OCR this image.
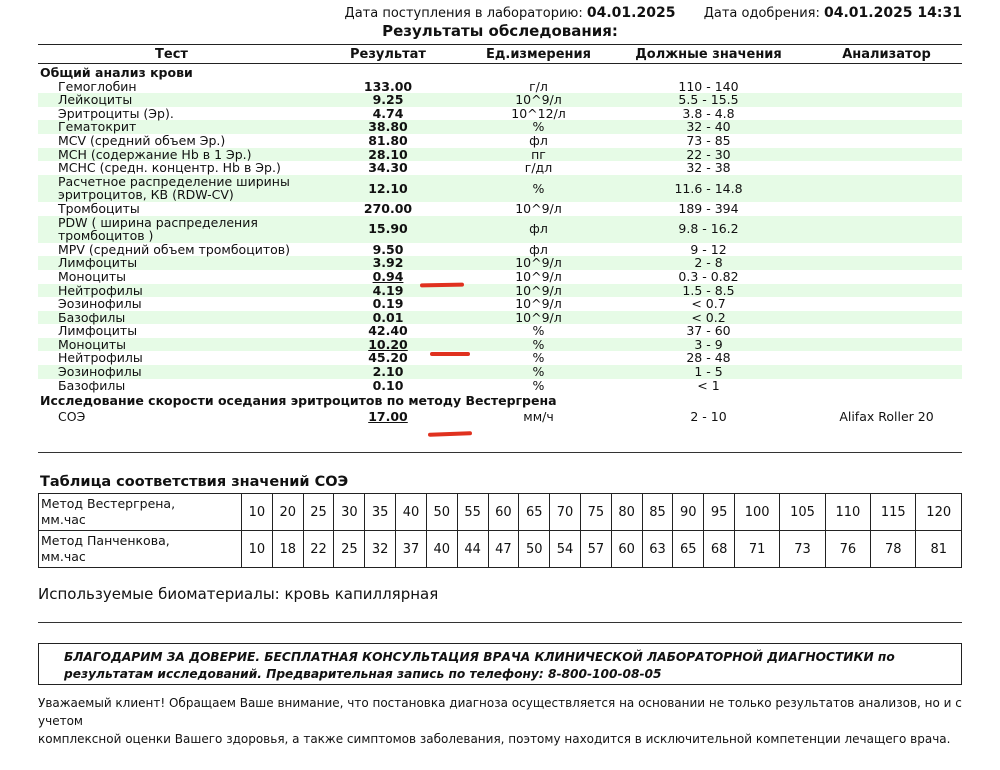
Дата поступления в лабораторию: 04.01.2025 Дата одобрения: 04.01.2025 14:31
Результаты обследования:
Тест	Результат	Ед.измерения	Должные значения	Анализатор
Общий анализ крови				
Гемоглобин	133.00	г/л	110 - 140	
Лейкоциты	9.25	10^9/л	5.5 - 15.5	
Эритроциты (Эр).	4.74	10^12/л	3.8 - 4.8	
Гематокрит	38.80	%	32 - 40	
MCV (средний объем Эр.)	81.80	фл	73 - 85	
MCH (содержание Hb в 1 Эр.)	28.10	пг	22 - 30	
MCHC (средн. концентр. Hb в Эр.)	34.30	г/дл	32 - 38	
Расчетное распределение ширины
эритроцитов, КВ (RDW-CV)	12.10	%	11.6 - 14.8	
Тромбоциты	270.00	10^9/л	189 - 394	
PDW ( ширина распределения
тромбоцитов )	15.90	фл	9.8 - 16.2	
MPV (средний объем тромбоцитов)	9.50	фл	9 - 12	
Лимфоциты	3.92	10^9/л	2 - 8	
Моноциты	0.94	10^9/л	0.3 - 0.82	
Нейтрофилы	4.19	10^9/л	1.5 - 8.5	
Эозинофилы	0.19	10^9/л	< 0.7	
Базофилы	0.01	10^9/л	< 0.2	
Лимфоциты	42.40	%	37 - 60	
Моноциты	10.20	%	3 - 9	
Нейтрофилы	45.20	%	28 - 48	
Эозинофилы	2.10	%	1 - 5	
Базофилы	0.10	%	< 1	
Исследование скорости оседания эритроцитов по методу Вестергрена				
СОЭ	17.00	мм/ч	2 - 10	Alifax Roller 20
Таблица соответствия значений СОЭ
Метод Вестергрена,
мм.час	10	20	25	30	35	40	50	55	60	65	70	75	80	85	90	95	100	105	110	115	120
Метод Панченкова,
мм.час	10	18	22	25	32	37	40	44	47	50	54	57	60	63	65	68	71	73	76	78	81
Используемые биоматериалы: кровь капиллярная
БЛАГОДАРИМ ЗА ДОВЕРИЕ. БЕСПЛАТНАЯ КОНСУЛЬТАЦИЯ ВРАЧА КЛИНИЧЕСКОЙ ЛАБОРАТОРНОЙ ДИАГНОСТИКИ по
результатам исследований. Предварительная запись по телефону: 8-800-100-08-05
Уважаемый клиент! Обращаем Ваше внимание, что постановка диагноза осуществляется на основании не только результатов анализов, но и с учетом
комплексной оценки Вашего здоровья, а также симптомов заболевания, поэтому находится в исключительной компетенции лечащего врача.
